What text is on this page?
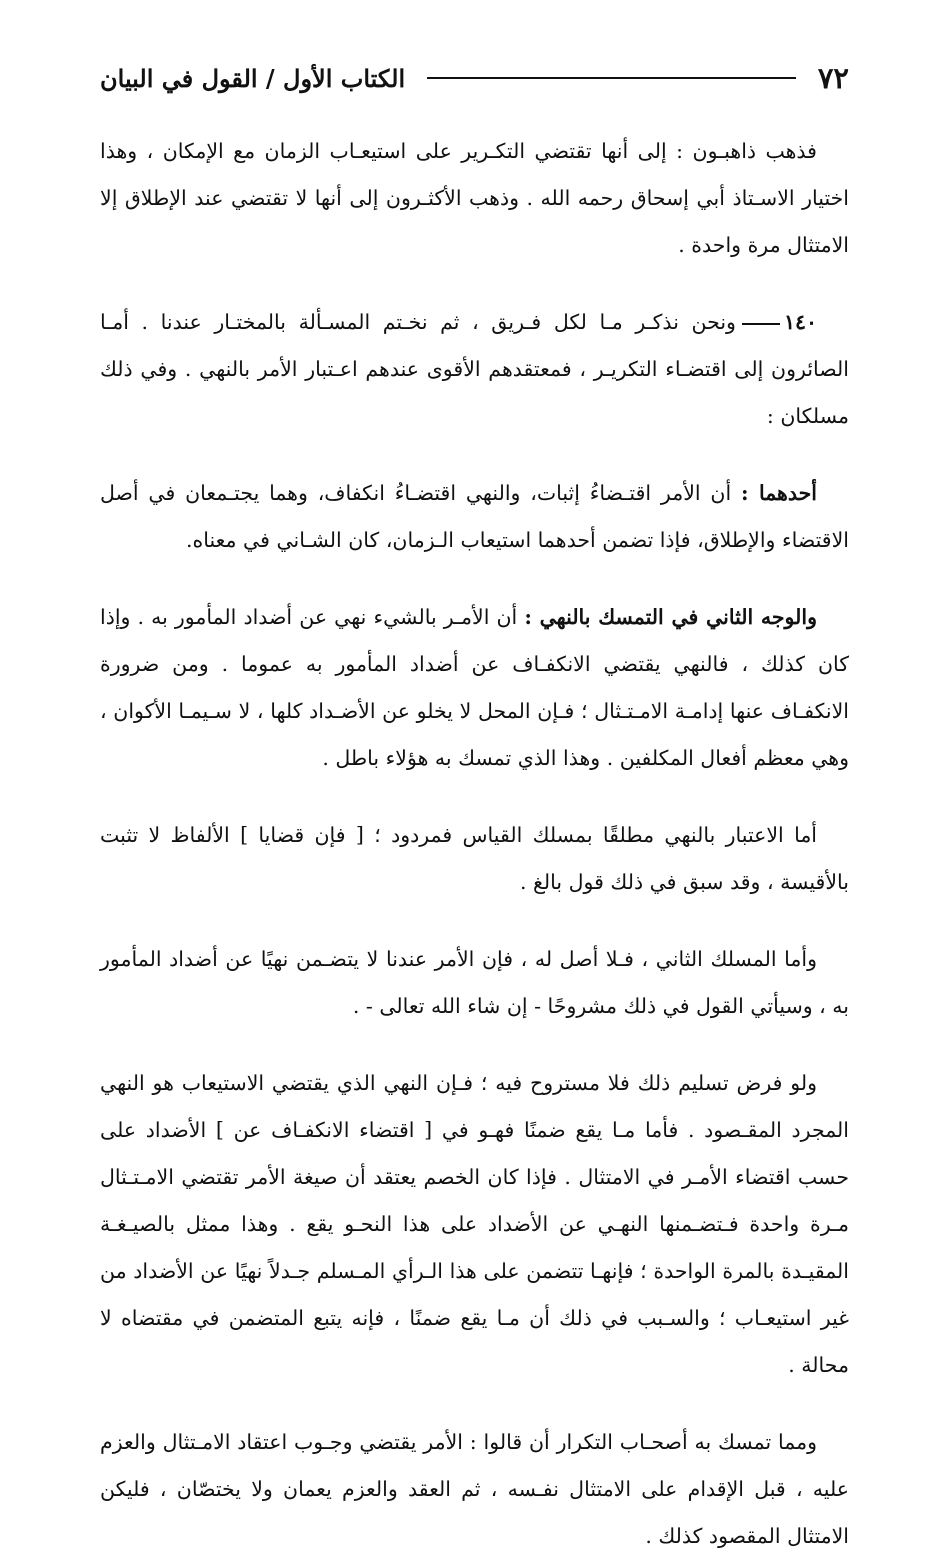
٧٢
الكتاب الأول / القول في البيان

فذهب ذاهبـون : إلى أنها تقتضي التكـرير على استيعـاب الزمان مع الإمكان ، وهذا اختيار الاسـتاذ أبي إسحاق رحمه الله . وذهب الأكثـرون إلى أنها لا تقتضي عند الإطلاق إلا الامتثال مرة واحدة .

١٤٠ونحن نذكـر مـا لكل فـريق ، ثم نخـتم المسـألة بالمختـار عندنا . أمـا الصائرون إلى اقتضـاء التكريـر ، فمعتقدهم الأقوى عندهم اعـتبار الأمر بالنهي . وفي ذلك مسلكان :

أحدهما : أن الأمر اقتـضاءُ إثبات، والنهي اقتضـاءُ انكفاف، وهما يجتـمعان في أصل الاقتضاء والإطلاق، فإذا تضمن أحدهما استيعاب الـزمان، كان الشـاني في معناه.

والوجه الثاني في التمسك بالنهي : أن الأمـر بالشيء نهي عن أضداد المأمور به . وإذا كان كذلك ، فالنهي يقتضي الانكفـاف عن أضداد المأمور به عموما . ومن ضرورة الانكفـاف عنها إدامـة الامـتـثال ؛ فـإن المحل لا يخلو عن الأضـداد كلها ، لا سـيمـا الأكوان ، وهي معظم أفعال المكلفين . وهذا الذي تمسك به هؤلاء باطل .

أما الاعتبار بالنهي مطلقًا بمسلك القياس فمردود ؛ [ فإن قضايا ] الألفاظ لا تثبت بالأقيسة ، وقد سبق في ذلك قول بالغ .

وأما المسلك الثاني ، فـلا أصل له ، فإن الأمر عندنا لا يتضـمن نهيًا عن أضداد المأمور به ، وسيأتي القول في ذلك مشروحًا - إن شاء الله تعالى - .

ولو فرض تسليم ذلك فلا مستروح فيه ؛ فـإن النهي الذي يقتضي الاستيعاب هو النهي المجرد المقـصود . فأما مـا يقع ضمنًا فهـو في [ اقتضاء الانكفـاف عن ] الأضداد على حسب اقتضاء الأمـر في الامتثال . فإذا كان الخصم يعتقد أن صيغة الأمر تقتضي الامـتـثال مـرة واحدة فـتضـمنها النهـي عن الأضداد على هذا النحـو يقع . وهذا ممثل بالصيـغـة المقيـدة بالمرة الواحدة ؛ فإنهـا تتضمن على هذا الـرأي المـسلم جـدلاً نهيًا عن الأضداد من غير استيعـاب ؛ والسـبب في ذلك أن مـا يقع ضمنًا ، فإنه يتبع المتضمن في مقتضاه لا محالة .

ومما تمسك به أصحـاب التكرار أن قالوا : الأمر يقتضي وجـوب اعتقاد الامـتثال والعزم عليه ، قبل الإقدام على الامتثال نفـسه ، ثم العقد والعزم يعمان ولا يختصّان ، فليكن الامتثال المقصود كذلك .
